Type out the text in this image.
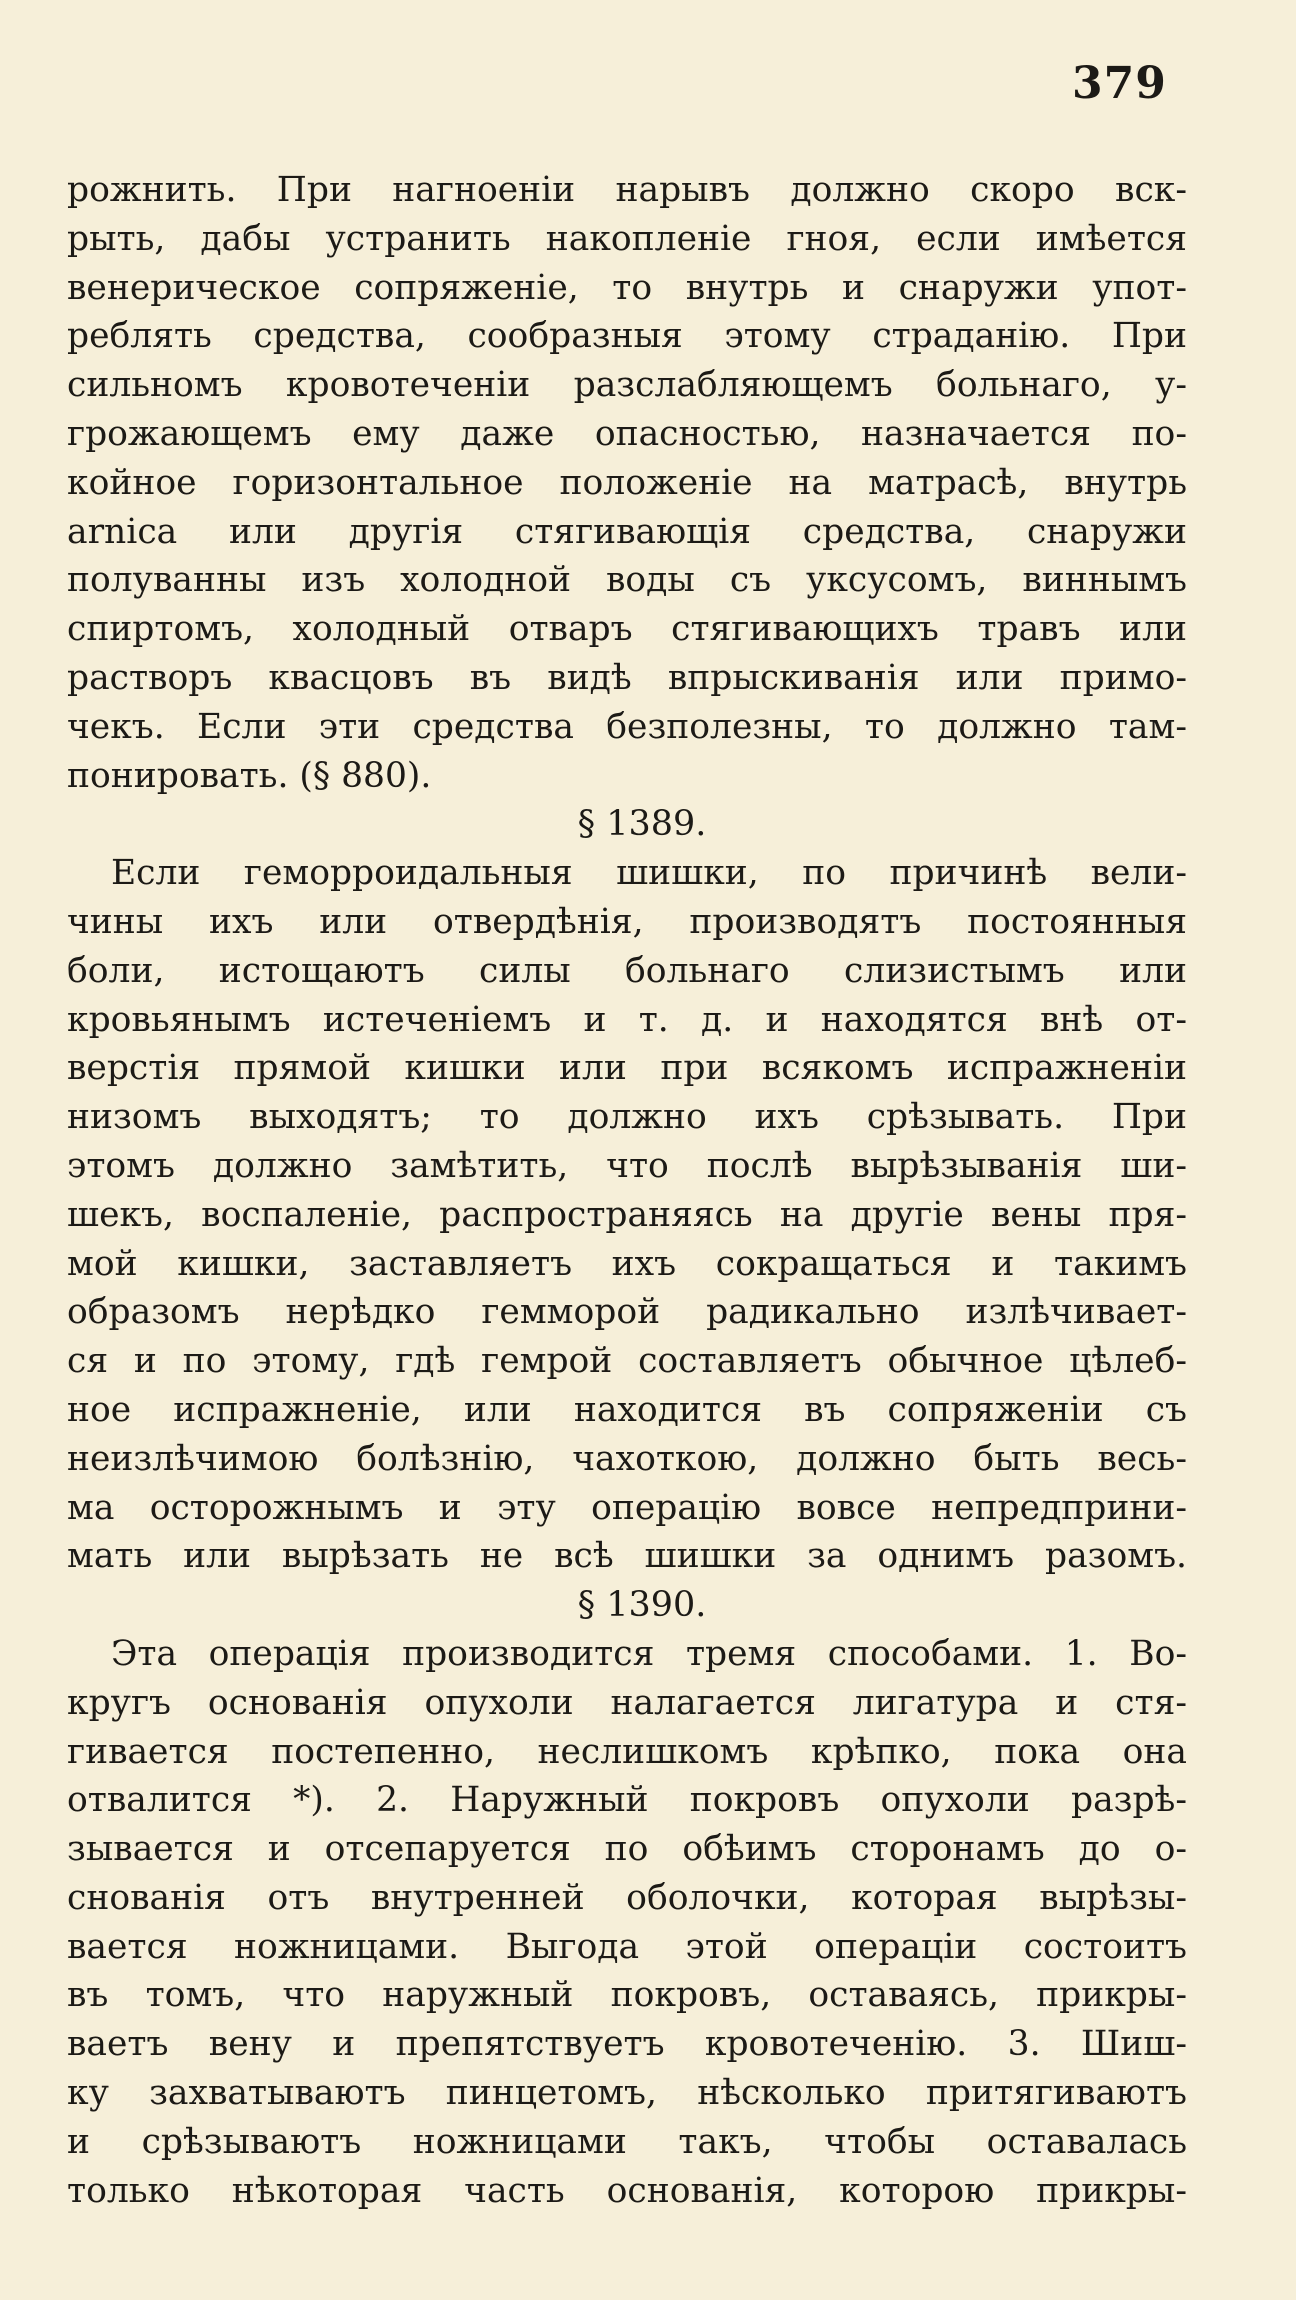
379
рожнить. При нагноеніи нарывъ должно скоро вск-
рыть, дабы устранить накопленіе гноя, если имѣется
венерическое сопряженіе, то внутрь и снаружи упот-
реблять средства, сообразныя этому страданію. При
сильномъ кровотеченіи разслабляющемъ больнаго, у-
грожающемъ ему даже опасностью, назначается по-
койное горизонтальное положеніе на матрасѣ, внутрь
arnica или другія стягивающія средства, снаружи
полуванны изъ холодной воды съ уксусомъ, виннымъ
спиртомъ, холодный отваръ стягивающихъ травъ или
растворъ квасцовъ въ видѣ впрыскиванія или примо-
чекъ. Если эти средства безполезны, то должно там-
понировать. (§ 880).
§ 1389.
Если геморроидальныя шишки, по причинѣ вели-
чины ихъ или отвердѣнія, производятъ постоянныя
боли, истощаютъ силы больнаго слизистымъ или
кровьянымъ истеченіемъ и т. д. и находятся внѣ от-
верстія прямой кишки или при всякомъ испражненіи
низомъ выходятъ; то должно ихъ срѣзывать. При
этомъ должно замѣтить, что послѣ вырѣзыванія ши-
шекъ, воспаленіе, распространяясь на другіе вены пря-
мой кишки, заставляетъ ихъ сокращаться и такимъ
образомъ нерѣдко гемморой радикально излѣчивает-
ся и по этому, гдѣ гемрой составляетъ обычное цѣлеб-
ное испражненіе, или находится въ сопряженіи съ
неизлѣчимою болѣзнію, чахоткою, должно быть весь-
ма осторожнымъ и эту операцію вовсе непредприни-
мать или вырѣзать не всѣ шишки за однимъ разомъ.
§ 1390.
Эта операція производится тремя способами. 1. Во-
кругъ основанія опухоли налагается лигатура и стя-
гивается постепенно, неслишкомъ крѣпко, пока она
отвалится *). 2. Наружный покровъ опухоли разрѣ-
зывается и отсепаруется по обѣимъ сторонамъ до о-
снованія отъ внутренней оболочки, которая вырѣзы-
вается ножницами. Выгода этой операціи состоитъ
въ томъ, что наружный покровъ, оставаясь, прикры-
ваетъ вену и препятствуетъ кровотеченію. 3. Шиш-
ку захватываютъ пинцетомъ, нѣсколько притягиваютъ
и срѣзываютъ ножницами такъ, чтобы оставалась
только нѣкоторая часть основанія, которою прикры-
